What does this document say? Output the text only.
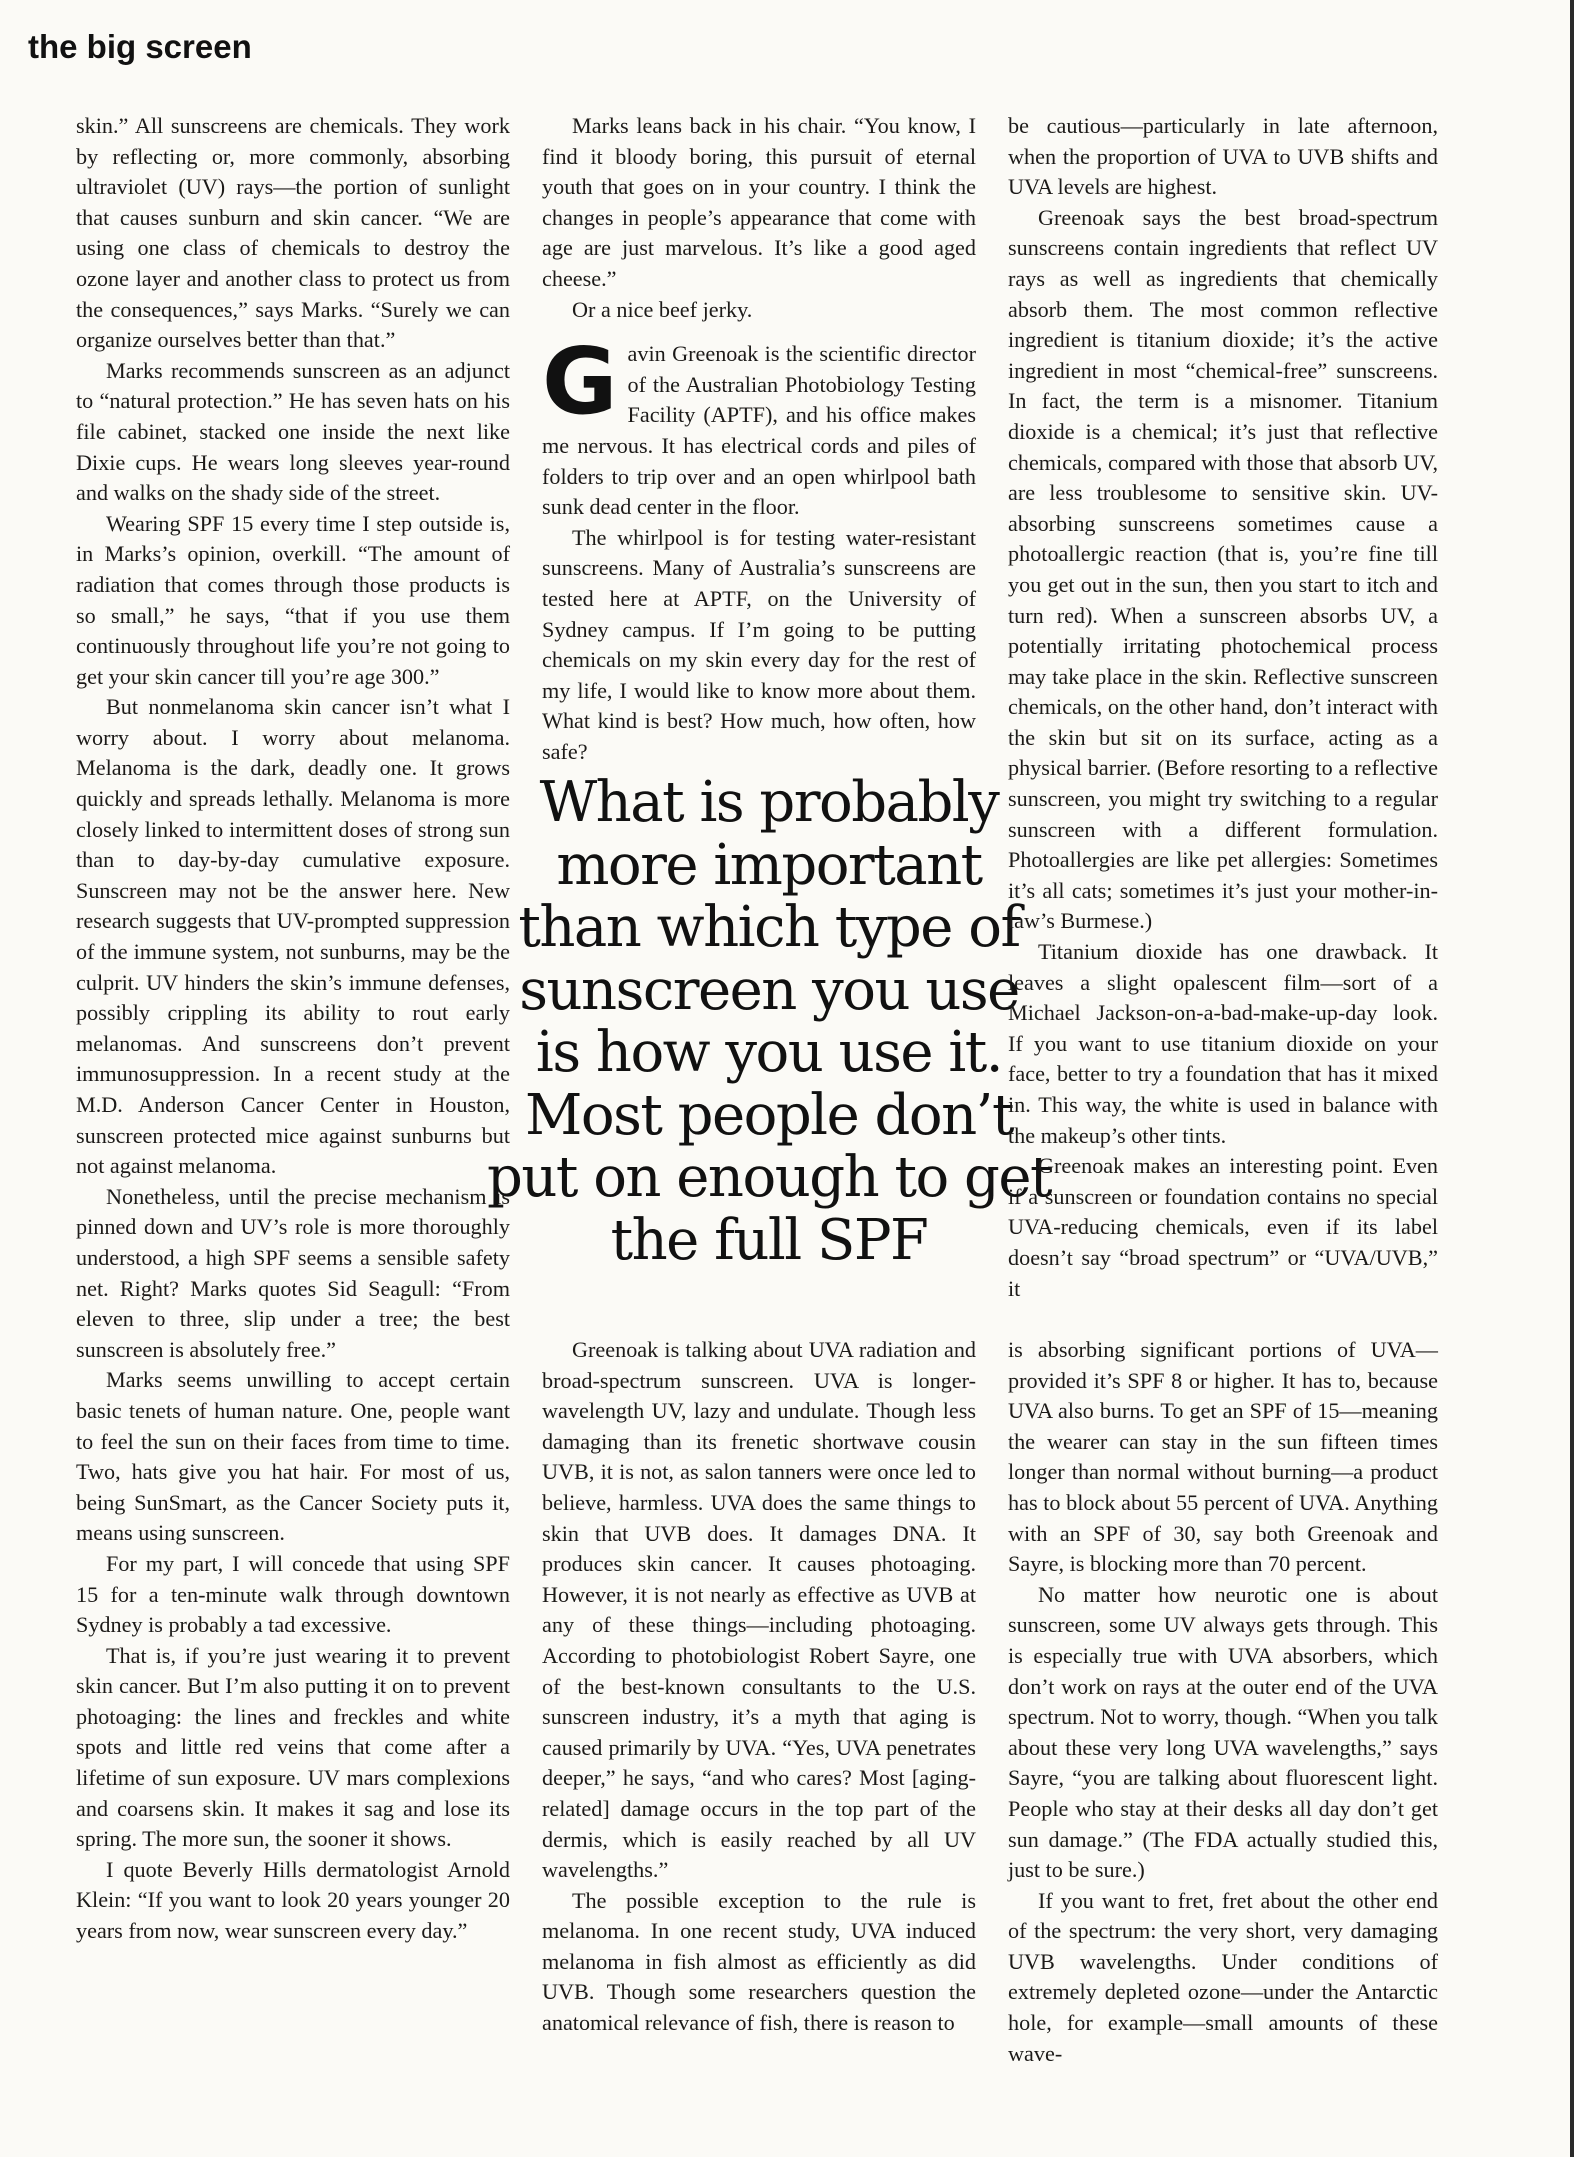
the big screen

skin.” All sunscreens are chemicals. They work by reflecting or, more commonly, absorbing ultraviolet (UV) rays—the portion of sunlight that causes sunburn and skin cancer. “We are using one class of chemicals to destroy the ozone layer and another class to protect us from the consequences,” says Marks. “Surely we can organize ourselves better than that.”

Marks recommends sunscreen as an adjunct to “natural protection.” He has seven hats on his file cabinet, stacked one inside the next like Dixie cups. He wears long sleeves year-round and walks on the shady side of the street.

Wearing SPF 15 every time I step outside is, in Marks’s opinion, overkill. “The amount of radiation that comes through those products is so small,” he says, “that if you use them continuously throughout life you’re not going to get your skin cancer till you’re age 300.”

But nonmelanoma skin cancer isn’t what I worry about. I worry about melanoma. Melanoma is the dark, deadly one. It grows quickly and spreads lethally. Melanoma is more closely linked to intermittent doses of strong sun than to day-by-day cumulative exposure. Sunscreen may not be the answer here. New research suggests that UV-prompted suppression of the immune system, not sunburns, may be the culprit. UV hinders the skin’s immune defenses, possibly crippling its ability to rout early melanomas. And sunscreens don’t prevent immunosuppression. In a recent study at the M.D. Anderson Cancer Center in Houston, sunscreen protected mice against sunburns but not against melanoma.

Nonetheless, until the precise mechanism is pinned down and UV’s role is more thoroughly understood, a high SPF seems a sensible safety net. Right? Marks quotes Sid Seagull: “From eleven to three, slip under a tree; the best sunscreen is absolutely free.”

Marks seems unwilling to accept certain basic tenets of human nature. One, people want to feel the sun on their faces from time to time. Two, hats give you hat hair. For most of us, being SunSmart, as the Cancer Society puts it, means using sunscreen.

For my part, I will concede that using SPF 15 for a ten-minute walk through downtown Sydney is probably a tad excessive.

That is, if you’re just wearing it to prevent skin cancer. But I’m also putting it on to prevent photoaging: the lines and freckles and white spots and little red veins that come after a lifetime of sun exposure. UV mars complexions and coarsens skin. It makes it sag and lose its spring. The more sun, the sooner it shows.

I quote Beverly Hills dermatologist Arnold Klein: “If you want to look 20 years younger 20 years from now, wear sunscreen every day.”

Marks leans back in his chair. “You know, I find it bloody boring, this pursuit of eternal youth that goes on in your country. I think the changes in people’s appearance that come with age are just marvelous. It’s like a good aged cheese.”

Or a nice beef jerky.

Gavin Greenoak is the scientific director of the Australian Photobiology Testing Facility (APTF), and his office makes me nervous. It has electrical cords and piles of folders to trip over and an open whirlpool bath sunk dead center in the floor.

The whirlpool is for testing water-resistant sunscreens. Many of Australia’s sunscreens are tested here at APTF, on the University of Sydney campus. If I’m going to be putting chemicals on my skin every day for the rest of my life, I would like to know more about them. What kind is best? How much, how often, how safe?

What is probably
more important
than which type of
sunscreen you use
is how you use it.
Most people don’t
put on enough to get
the full SPF

Greenoak is talking about UVA radiation and broad-spectrum sunscreen. UVA is longer-wavelength UV, lazy and undulate. Though less damaging than its frenetic shortwave cousin UVB, it is not, as salon tanners were once led to believe, harmless. UVA does the same things to skin that UVB does. It damages DNA. It produces skin cancer. It causes photoaging. However, it is not nearly as effective as UVB at any of these things—including photoaging. According to photobiologist Robert Sayre, one of the best-known consultants to the U.S. sunscreen industry, it’s a myth that aging is caused primarily by UVA. “Yes, UVA penetrates deeper,” he says, “and who cares? Most [aging-related] damage occurs in the top part of the dermis, which is easily reached by all UV wavelengths.”

The possible exception to the rule is melanoma. In one recent study, UVA induced melanoma in fish almost as efficiently as did UVB. Though some researchers question the anatomical relevance of fish, there is reason to

be cautious—particularly in late afternoon, when the proportion of UVA to UVB shifts and UVA levels are highest.

Greenoak says the best broad-spectrum sunscreens contain ingredients that reflect UV rays as well as ingredients that chemically absorb them. The most common reflective ingredient is titanium dioxide; it’s the active ingredient in most “chemical-free” sunscreens. In fact, the term is a misnomer. Titanium dioxide is a chemical; it’s just that reflective chemicals, compared with those that absorb UV, are less troublesome to sensitive skin. UV-absorbing sunscreens sometimes cause a photoallergic reaction (that is, you’re fine till you get out in the sun, then you start to itch and turn red). When a sunscreen absorbs UV, a potentially irritating photochemical process may take place in the skin. Reflective sunscreen chemicals, on the other hand, don’t interact with the skin but sit on its surface, acting as a physical barrier. (Before resorting to a reflective sunscreen, you might try switching to a regular sunscreen with a different formulation. Photoallergies are like pet allergies: Sometimes it’s all cats; sometimes it’s just your mother-in-law’s Burmese.)

Titanium dioxide has one drawback. It leaves a slight opalescent film—sort of a Michael Jackson-on-a-bad-make-up-day look. If you want to use titanium dioxide on your face, better to try a foundation that has it mixed in. This way, the white is used in balance with the makeup’s other tints.

Greenoak makes an interesting point. Even if a sunscreen or foundation contains no special UVA-reducing chemicals, even if its label doesn’t say “broad spectrum” or “UVA/UVB,” it

is absorbing significant portions of UVA—provided it’s SPF 8 or higher. It has to, because UVA also burns. To get an SPF of 15—meaning the wearer can stay in the sun fifteen times longer than normal without burning—a product has to block about 55 percent of UVA. Anything with an SPF of 30, say both Greenoak and Sayre, is blocking more than 70 percent.

No matter how neurotic one is about sunscreen, some UV always gets through. This is especially true with UVA absorbers, which don’t work on rays at the outer end of the UVA spectrum. Not to worry, though. “When you talk about these very long UVA wavelengths,” says Sayre, “you are talking about fluorescent light. People who stay at their desks all day don’t get sun damage.” (The FDA actually studied this, just to be sure.)

If you want to fret, fret about the other end of the spectrum: the very short, very damaging UVB wavelengths. Under conditions of extremely depleted ozone—under the Antarctic hole, for example—small amounts of these wave-
